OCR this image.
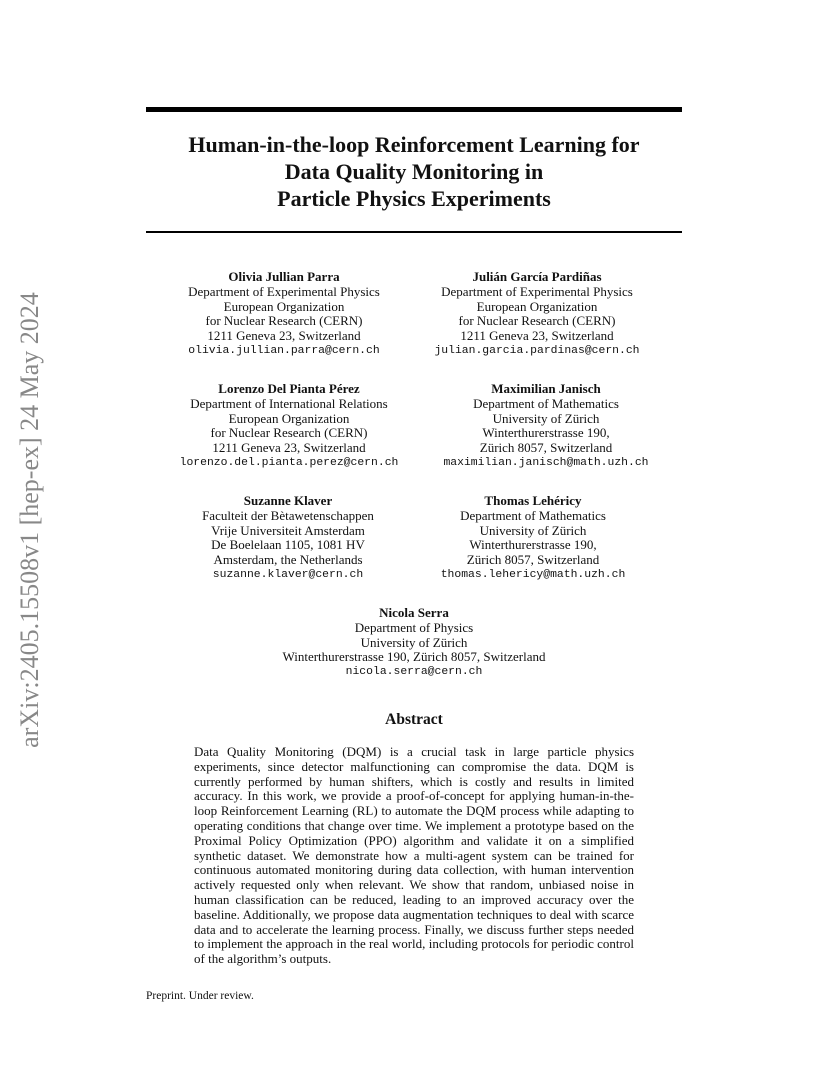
arXiv:2405.15508v1 [hep-ex] 24 May 2024
Human-in-the-loop Reinforcement Learning for
Data Quality Monitoring in
Particle Physics Experiments
Olivia Jullian Parra
Department of Experimental Physics
European Organization
for Nuclear Research (CERN)
1211 Geneva 23, Switzerland
olivia.jullian.parra@cern.ch
Julián García Pardiñas
Department of Experimental Physics
European Organization
for Nuclear Research (CERN)
1211 Geneva 23, Switzerland
julian.garcia.pardinas@cern.ch
Lorenzo Del Pianta Pérez
Department of International Relations
European Organization
for Nuclear Research (CERN)
1211 Geneva 23, Switzerland
lorenzo.del.pianta.perez@cern.ch
Maximilian Janisch
Department of Mathematics
University of Zürich
Winterthurerstrasse 190,
Zürich 8057, Switzerland
maximilian.janisch@math.uzh.ch
Suzanne Klaver
Faculteit der Bètawetenschappen
Vrije Universiteit Amsterdam
De Boelelaan 1105, 1081 HV
Amsterdam, the Netherlands
suzanne.klaver@cern.ch
Thomas Lehéricy
Department of Mathematics
University of Zürich
Winterthurerstrasse 190,
Zürich 8057, Switzerland
thomas.lehericy@math.uzh.ch
Nicola Serra
Department of Physics
University of Zürich
Winterthurerstrasse 190, Zürich 8057, Switzerland
nicola.serra@cern.ch
Abstract
Data Quality Monitoring (DQM) is a crucial task in large particle physics experiments, since detector malfunctioning can compromise the data. DQM is currently performed by human shifters, which is costly and results in limited accuracy. In this work, we provide a proof-of-concept for applying human-in-the-loop Reinforcement Learning (RL) to automate the DQM process while adapting to operating conditions that change over time. We implement a prototype based on the Proximal Policy Optimization (PPO) algorithm and validate it on a simplified synthetic dataset. We demonstrate how a multi-agent system can be trained for continuous automated monitoring during data collection, with human intervention actively requested only when relevant. We show that random, unbiased noise in human classification can be reduced, leading to an improved accuracy over the baseline. Additionally, we propose data augmentation techniques to deal with scarce data and to accelerate the learning process. Finally, we discuss further steps needed to implement the approach in the real world, including protocols for periodic control of the algorithm’s outputs.
Preprint. Under review.
